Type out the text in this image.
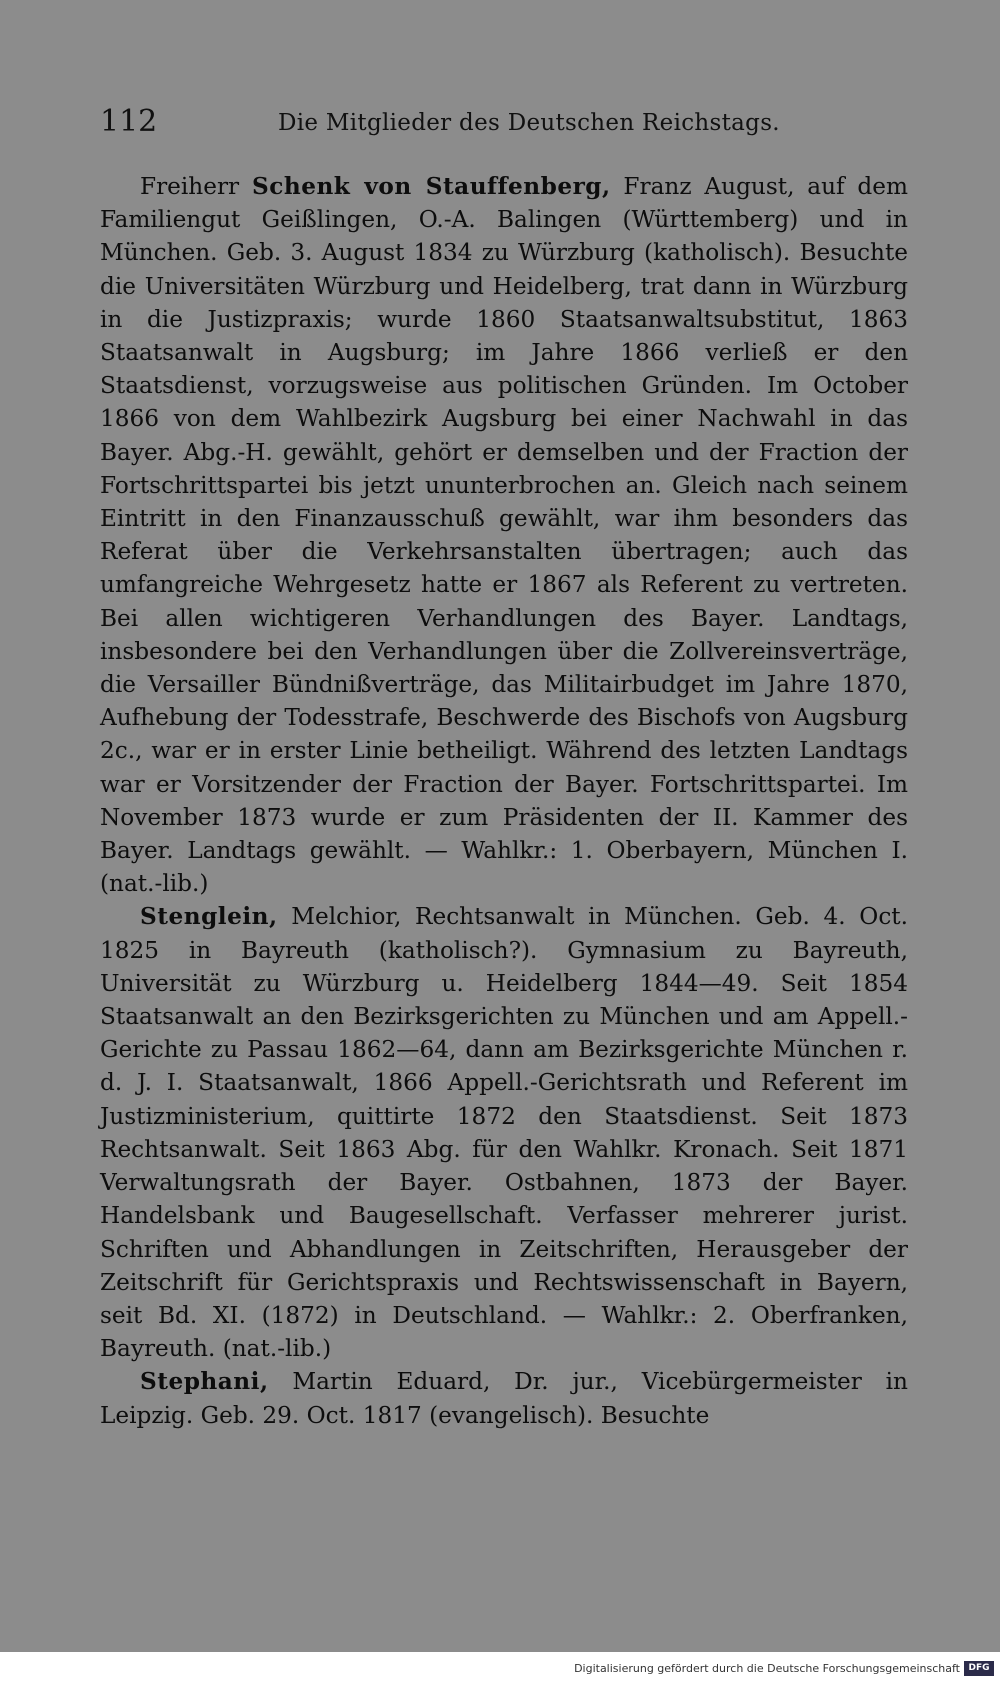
112	Die Mitglieder des Deutschen Reichstags.

Freiherr Schenk von Stauffenberg, Franz August, auf dem Familiengut Geißlingen, O.-A. Balingen (Württemberg) und in München. Geb. 3. August 1834 zu Würzburg (katholisch). Besuchte die Universitäten Würzburg und Heidelberg, trat dann in Würzburg in die Justizpraxis; wurde 1860 Staatsanwaltsubstitut, 1863 Staatsanwalt in Augsburg; im Jahre 1866 verließ er den Staatsdienst, vorzugsweise aus politischen Gründen. Im October 1866 von dem Wahlbezirk Augsburg bei einer Nachwahl in das Bayer. Abg.-H. gewählt, gehört er demselben und der Fraction der Fortschrittspartei bis jetzt ununterbrochen an. Gleich nach seinem Eintritt in den Finanzausschuß gewählt, war ihm besonders das Referat über die Verkehrsanstalten übertragen; auch das umfangreiche Wehrgesetz hatte er 1867 als Referent zu vertreten. Bei allen wichtigeren Verhandlungen des Bayer. Landtags, insbesondere bei den Verhandlungen über die Zollvereinsverträge, die Versailler Bündnißverträge, das Militairbudget im Jahre 1870, Aufhebung der Todesstrafe, Beschwerde des Bischofs von Augsburg 2c., war er in erster Linie betheiligt. Während des letzten Landtags war er Vorsitzender der Fraction der Bayer. Fortschrittspartei. Im November 1873 wurde er zum Präsidenten der II. Kammer des Bayer. Landtags gewählt. — Wahlkr.: 1. Oberbayern, München I. (nat.-lib.)

Stenglein, Melchior, Rechtsanwalt in München. Geb. 4. Oct. 1825 in Bayreuth (katholisch?). Gymnasium zu Bayreuth, Universität zu Würzburg u. Heidelberg 1844—49. Seit 1854 Staatsanwalt an den Bezirksgerichten zu München und am Appell.-Gerichte zu Passau 1862—64, dann am Bezirksgerichte München r. d. J. I. Staatsanwalt, 1866 Appell.-Gerichtsrath und Referent im Justizministerium, quittirte 1872 den Staatsdienst. Seit 1873 Rechtsanwalt. Seit 1863 Abg. für den Wahlkr. Kronach. Seit 1871 Verwaltungsrath der Bayer. Ostbahnen, 1873 der Bayer. Handelsbank und Baugesellschaft. Verfasser mehrerer jurist. Schriften und Abhandlungen in Zeitschriften, Herausgeber der Zeitschrift für Gerichtspraxis und Rechtswissenschaft in Bayern, seit Bd. XI. (1872) in Deutschland. — Wahlkr.: 2. Oberfranken, Bayreuth. (nat.-lib.)

Stephani, Martin Eduard, Dr. jur., Vicebürgermeister in Leipzig. Geb. 29. Oct. 1817 (evangelisch). Besuchte

Digitalisierung gefördert durch die Deutsche Forschungsgemeinschaft DFG
